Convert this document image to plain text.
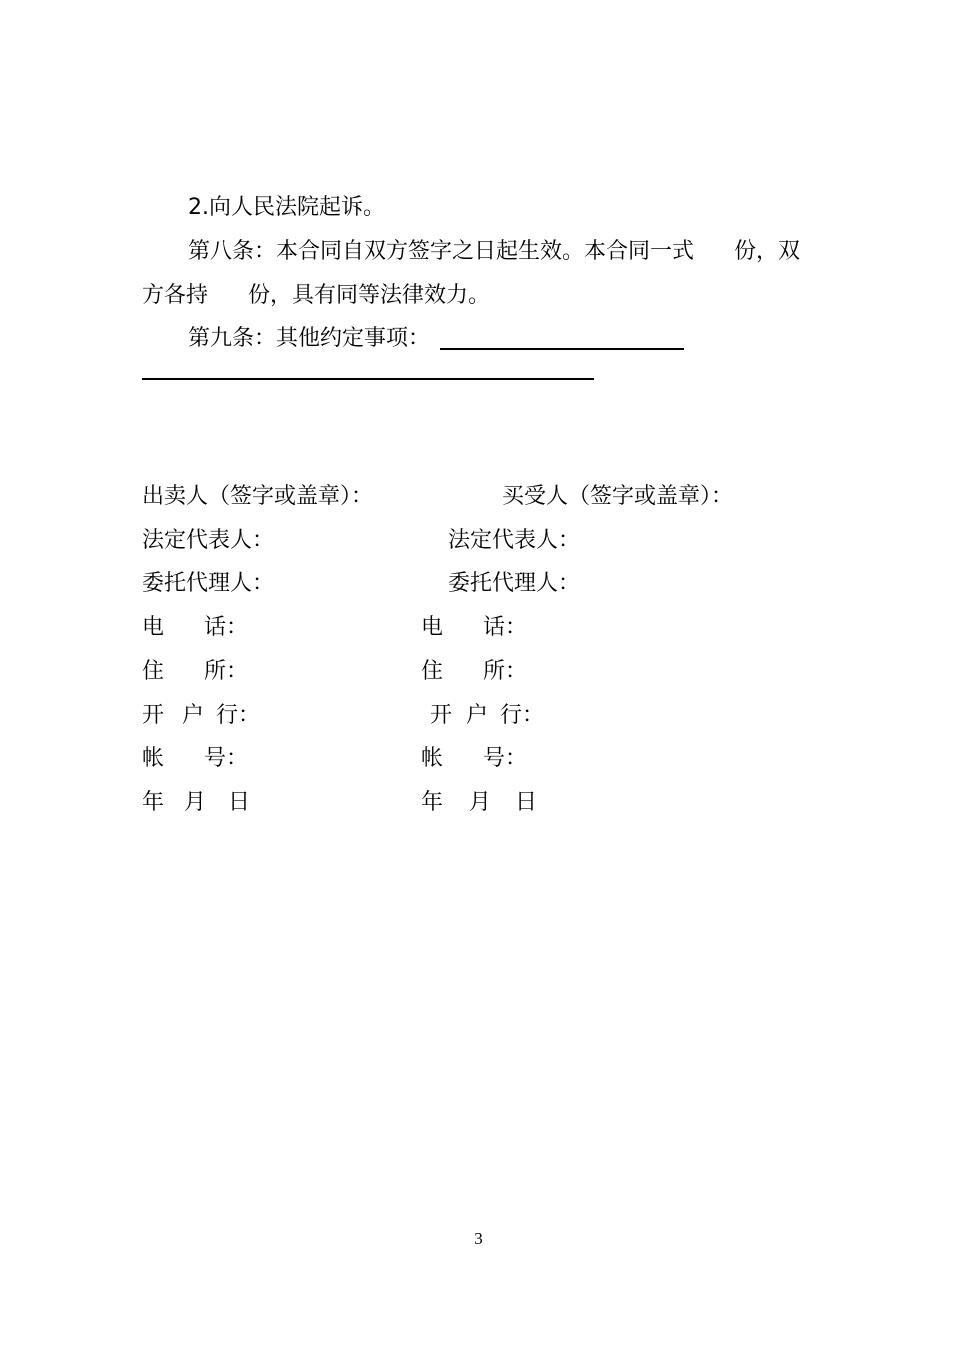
2.向人民法院起诉。
第八条：本合同自双方签字之日起生效。本合同一式 份，双
方各持 份，具有同等法律效力。
第九条：其他约定事项：
出卖人（签字或盖章）：
法定代表人：
委托代理人：
电 话：
住 所：
开 户 行：
帐 号：
年 月 日
买受人（签字或盖章）：
法定代表人：
委托代理人：
电 话：
住 所：
开 户 行：
帐 号：
年 月 日
3
